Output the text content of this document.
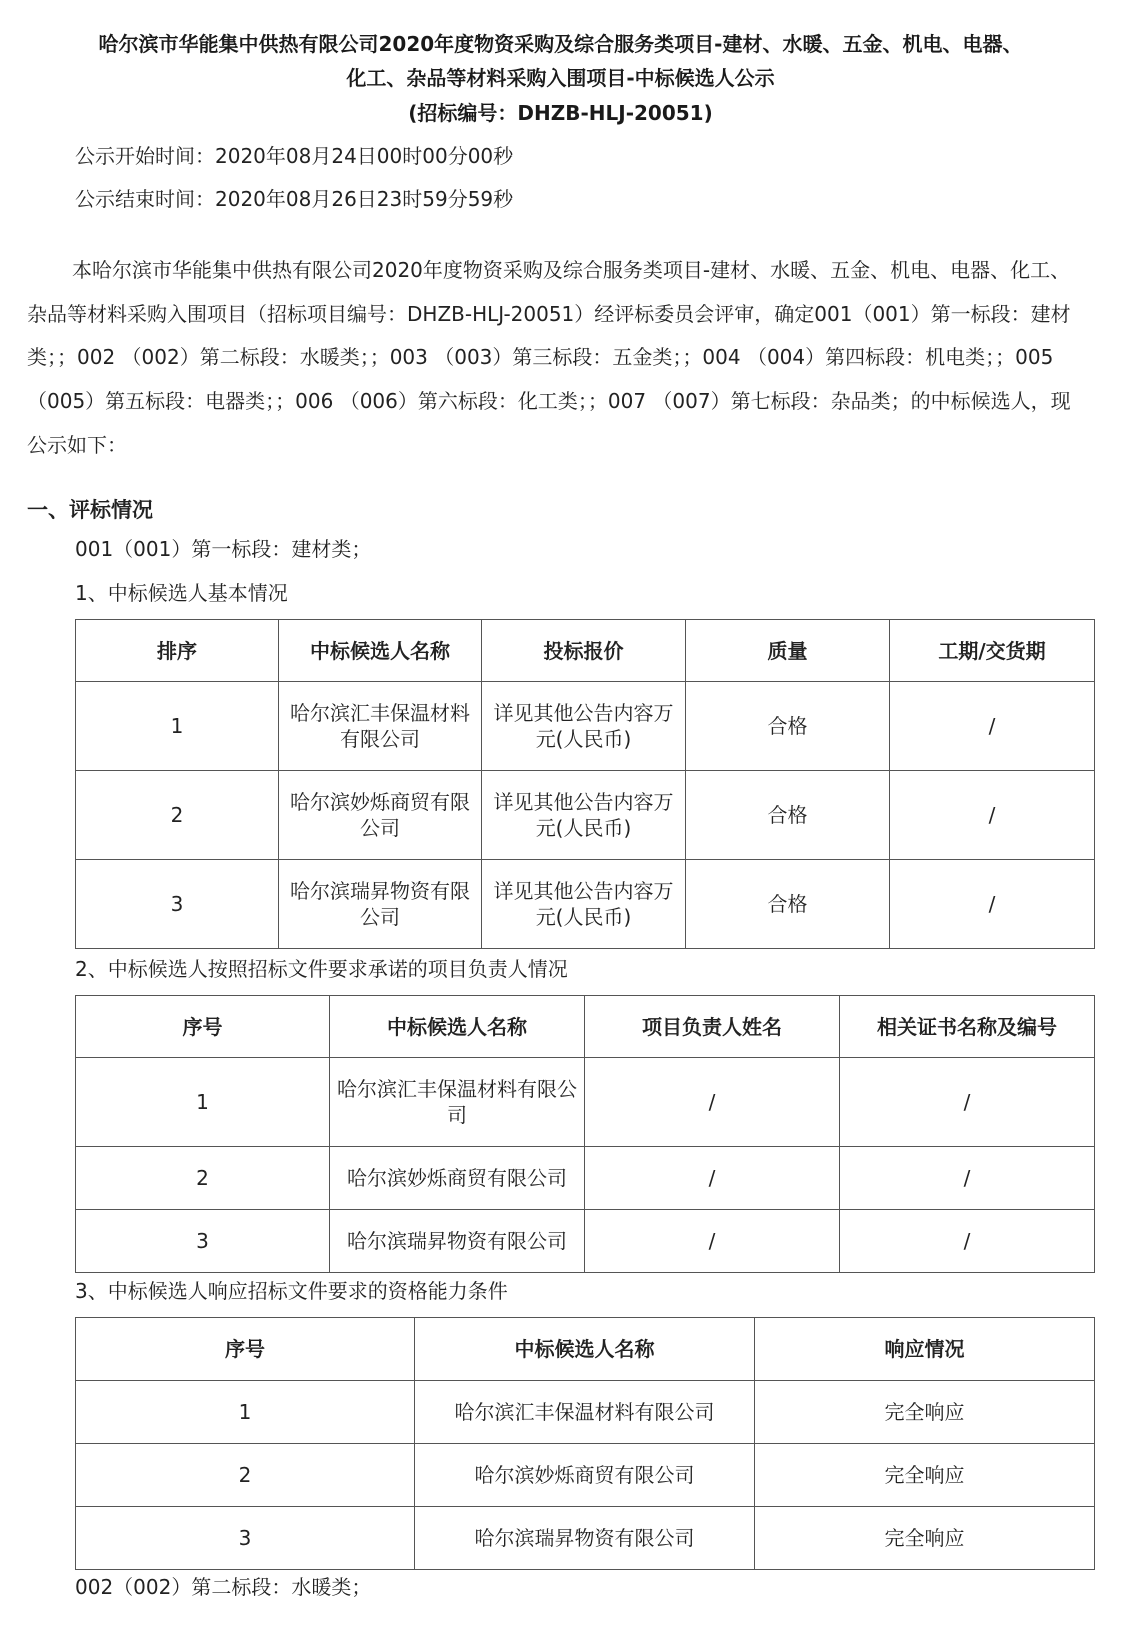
哈尔滨市华能集中供热有限公司2020年度物资采购及综合服务类项目-建材、水暖、五金、机电、电器、
化工、杂品等材料采购入围项目-中标候选人公示
(招标编号：DHZB-HLJ-20051)
公示开始时间：2020年08月24日00时00分00秒
公示结束时间：2020年08月26日23时59分59秒
本哈尔滨市华能集中供热有限公司2020年度物资采购及综合服务类项目-建材、水暖、五金、机电、电器、化工、杂品等材料采购入围项目（招标项目编号：DHZB-HLJ-20051）经评标委员会评审，确定001（001）第一标段：建材类；；002 （002）第二标段：水暖类；；003 （003）第三标段：五金类；；004 （004）第四标段：机电类；；005 （005）第五标段：电器类；；006 （006）第六标段：化工类；；007 （007）第七标段：杂品类；的中标候选人，现公示如下：
一、评标情况
001（001）第一标段：建材类；
1、中标候选人基本情况
排序	中标候选人名称	投标报价	质量	工期/交货期
1	哈尔滨汇丰保温材料有限公司	详见其他公告内容万元(人民币)	合格	/
2	哈尔滨妙烁商贸有限公司	详见其他公告内容万元(人民币)	合格	/
3	哈尔滨瑞昇物资有限公司	详见其他公告内容万元(人民币)	合格	/
2、中标候选人按照招标文件要求承诺的项目负责人情况
序号	中标候选人名称	项目负责人姓名	相关证书名称及编号
1	哈尔滨汇丰保温材料有限公司	/	/
2	哈尔滨妙烁商贸有限公司	/	/
3	哈尔滨瑞昇物资有限公司	/	/
3、中标候选人响应招标文件要求的资格能力条件
序号	中标候选人名称	响应情况
1	哈尔滨汇丰保温材料有限公司	完全响应
2	哈尔滨妙烁商贸有限公司	完全响应
3	哈尔滨瑞昇物资有限公司	完全响应
002（002）第二标段：水暖类；
